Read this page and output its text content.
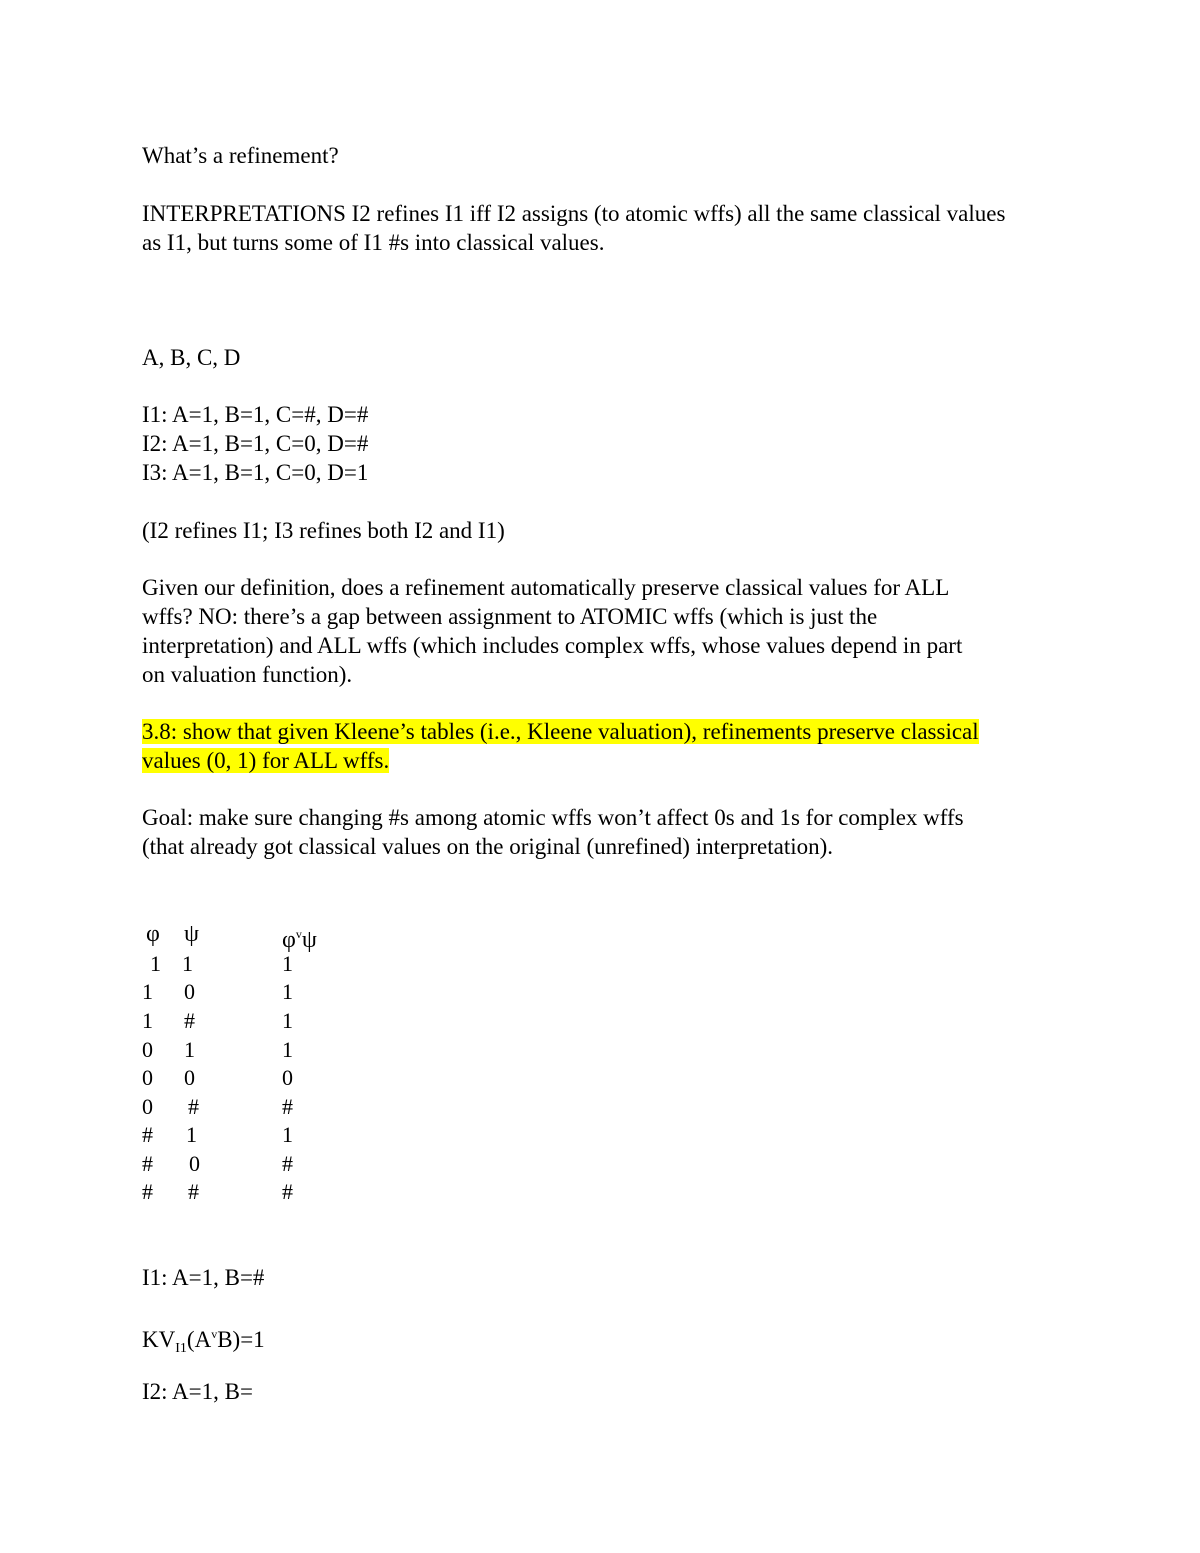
What’s a refinement?
INTERPRETATIONS I2 refines I1 iff I2 assigns (to atomic wffs) all the same classical values
as I1, but turns some of I1 #s into classical values.
A, B, C, D
I1: A=1, B=1, C=#, D=#
I2: A=1, B=1, C=0, D=#
I3: A=1, B=1, C=0, D=1
(I2 refines I1; I3 refines both I2 and I1)
Given our definition, does a refinement automatically preserve classical values for ALL
wffs? NO: there’s a gap between assignment to ATOMIC wffs (which is just the
interpretation) and ALL wffs (which includes complex wffs, whose values depend in part
on valuation function).
3.8: show that given Kleene’s tables (i.e., Kleene valuation), refinements preserve classical
values (0, 1) for ALL wffs.
Goal: make sure changing #s among atomic wffs won’t affect 0s and 1s for complex wffs
(that already got classical values on the original (unrefined) interpretation).
φ ψ	$\varphi^v\psi$
1 1	1
1 0	1
1 #	1
0 1	1
0 0	0
0 #	#
# 1	1
# 0	#
# #	#
I1: A=1, B=#
$KV_{I1}(A^vB)=1$
I2: A=1, B=
